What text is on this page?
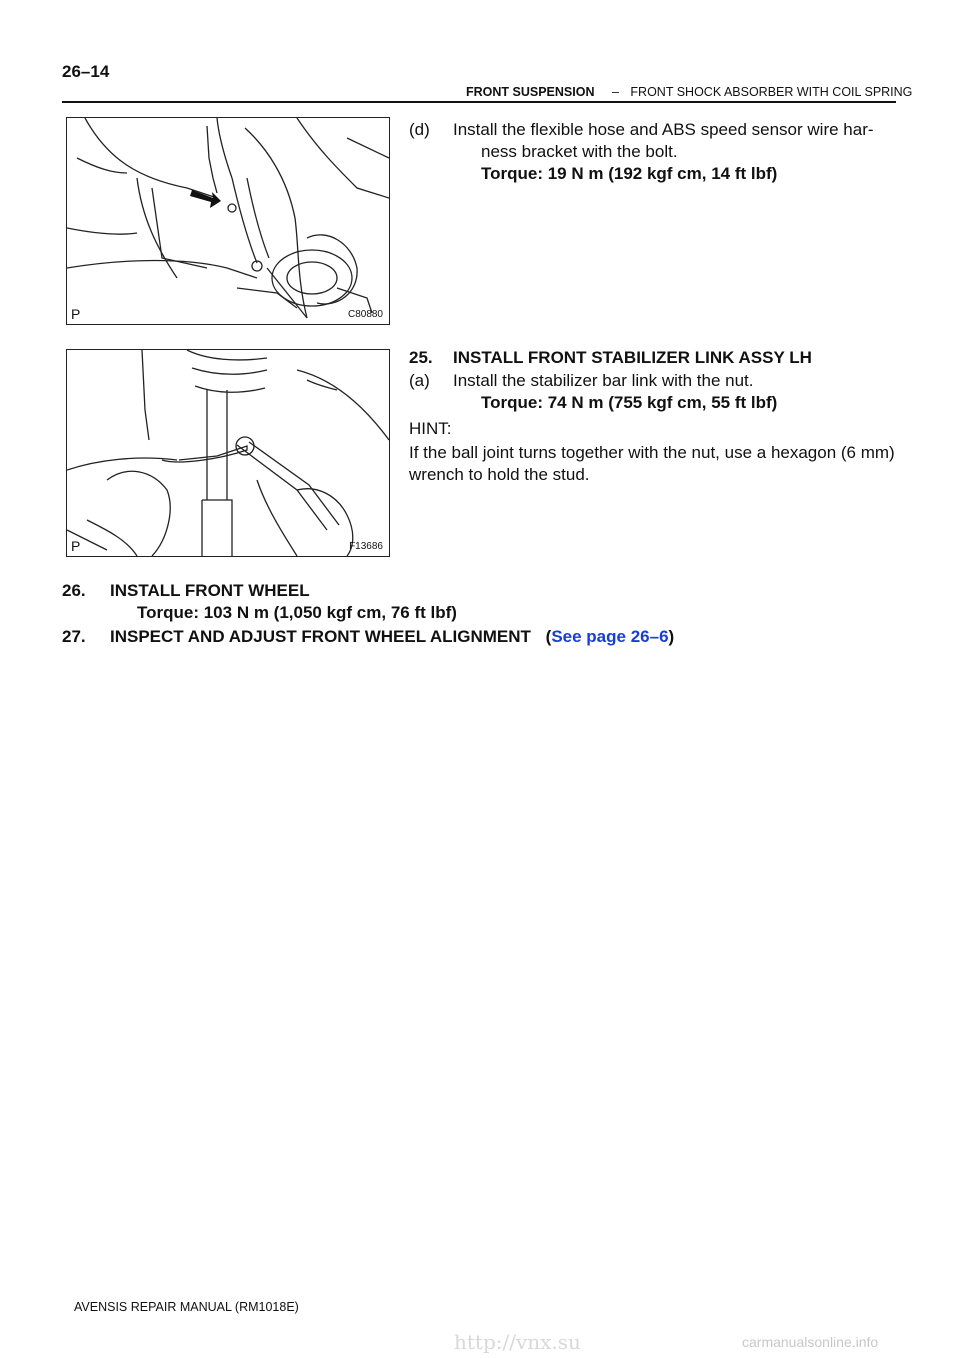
26–14
FRONT SUSPENSION – FRONT SHOCK ABSORBER WITH COIL SPRING
P	C80880
P	F13686
(d) Install the flexible hose and ABS speed sensor wire har-
ness bracket with the bolt.
Torque: 19 N m (192 kgf cm, 14 ft lbf)
25. INSTALL FRONT STABILIZER LINK ASSY LH
(a) Install the stabilizer bar link with the nut.
Torque: 74 N m (755 kgf cm, 55 ft lbf)
HINT:
If the ball joint turns together with the nut, use a hexagon (6 mm)
wrench to hold the stud.
26. INSTALL FRONT WHEEL
Torque: 103 N m (1,050 kgf cm, 76 ft lbf)
27. INSPECT AND ADJUST FRONT WHEEL ALIGNMENT (See page 26–6)
AVENSIS REPAIR MANUAL (RM1018E)
http://vnx.su	carmanualsonline.info
